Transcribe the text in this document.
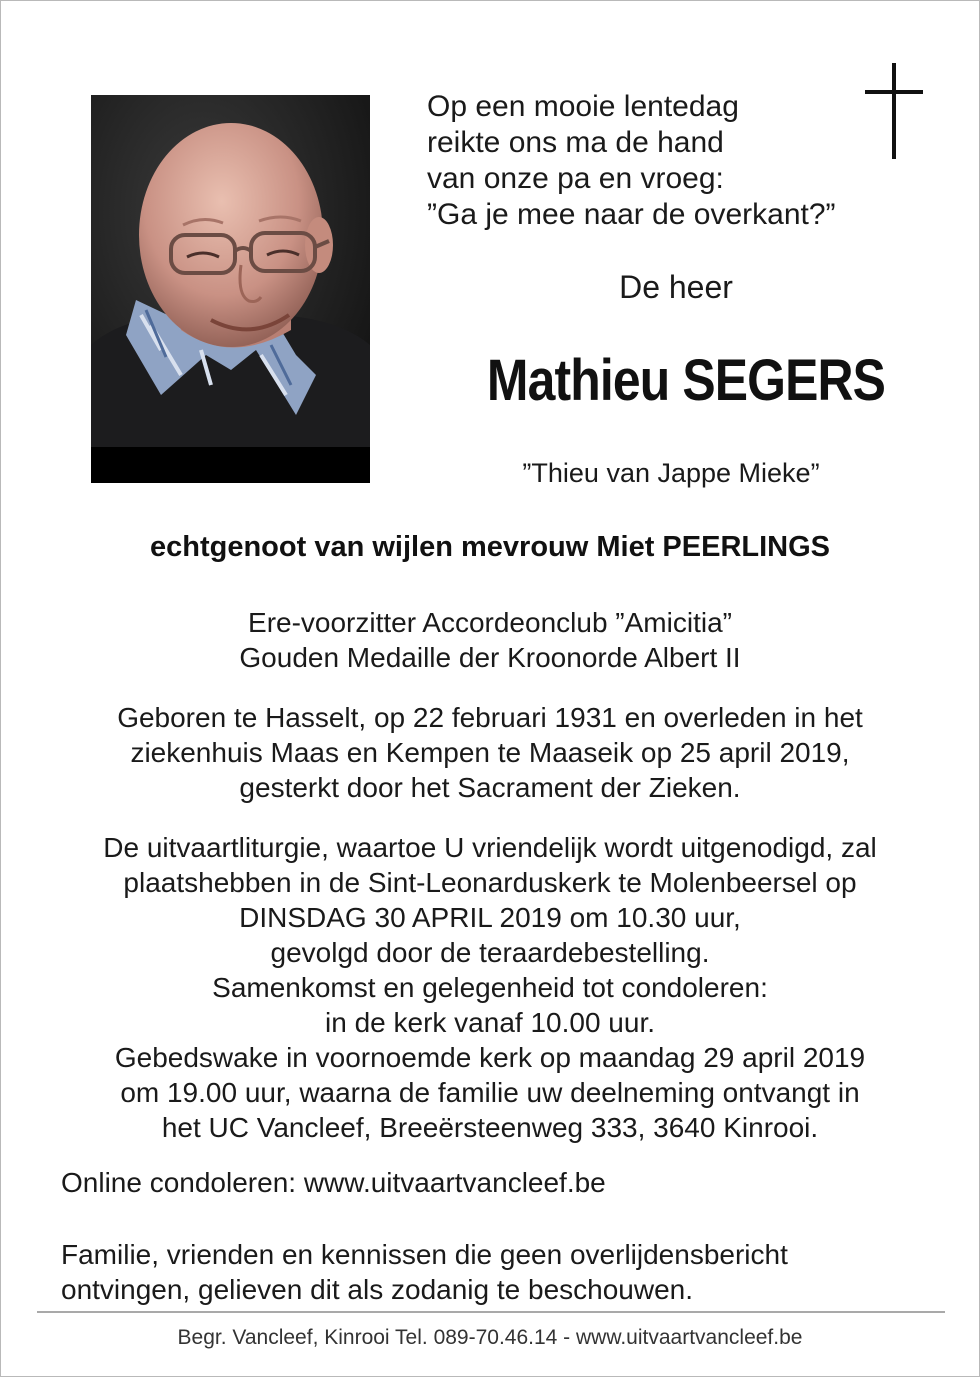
Op een mooie lentedag
reikte ons ma de hand
van onze pa en vroeg:
”Ga je mee naar de overkant?”
De heer
Mathieu SEGERS
”Thieu van Jappe Mieke”
echtgenoot van wijlen mevrouw Miet PEERLINGS
Ere-voorzitter Accordeonclub ”Amicitia”
Gouden Medaille der Kroonorde Albert II
Geboren te Hasselt, op 22 februari 1931 en overleden in het
ziekenhuis Maas en Kempen te Maaseik op 25 april 2019,
gesterkt door het Sacrament der Zieken.
De uitvaartliturgie, waartoe U vriendelijk wordt uitgenodigd, zal
plaatshebben in de Sint-Leonarduskerk te Molenbeersel op
DINSDAG 30 APRIL 2019 om 10.30 uur,
gevolgd door de teraardebestelling.
Samenkomst en gelegenheid tot condoleren:
in de kerk vanaf 10.00 uur.
Gebedswake in voornoemde kerk op maandag 29 april 2019
om 19.00 uur, waarna de familie uw deelneming ontvangt in
het UC Vancleef, Breeërsteenweg 333, 3640 Kinrooi.
Online condoleren: www.uitvaartvancleef.be
Familie, vrienden en kennissen die geen overlijdensbericht
ontvingen, gelieven dit als zodanig te beschouwen.
Begr. Vancleef, Kinrooi Tel. 089-70.46.14 - www.uitvaartvancleef.be
